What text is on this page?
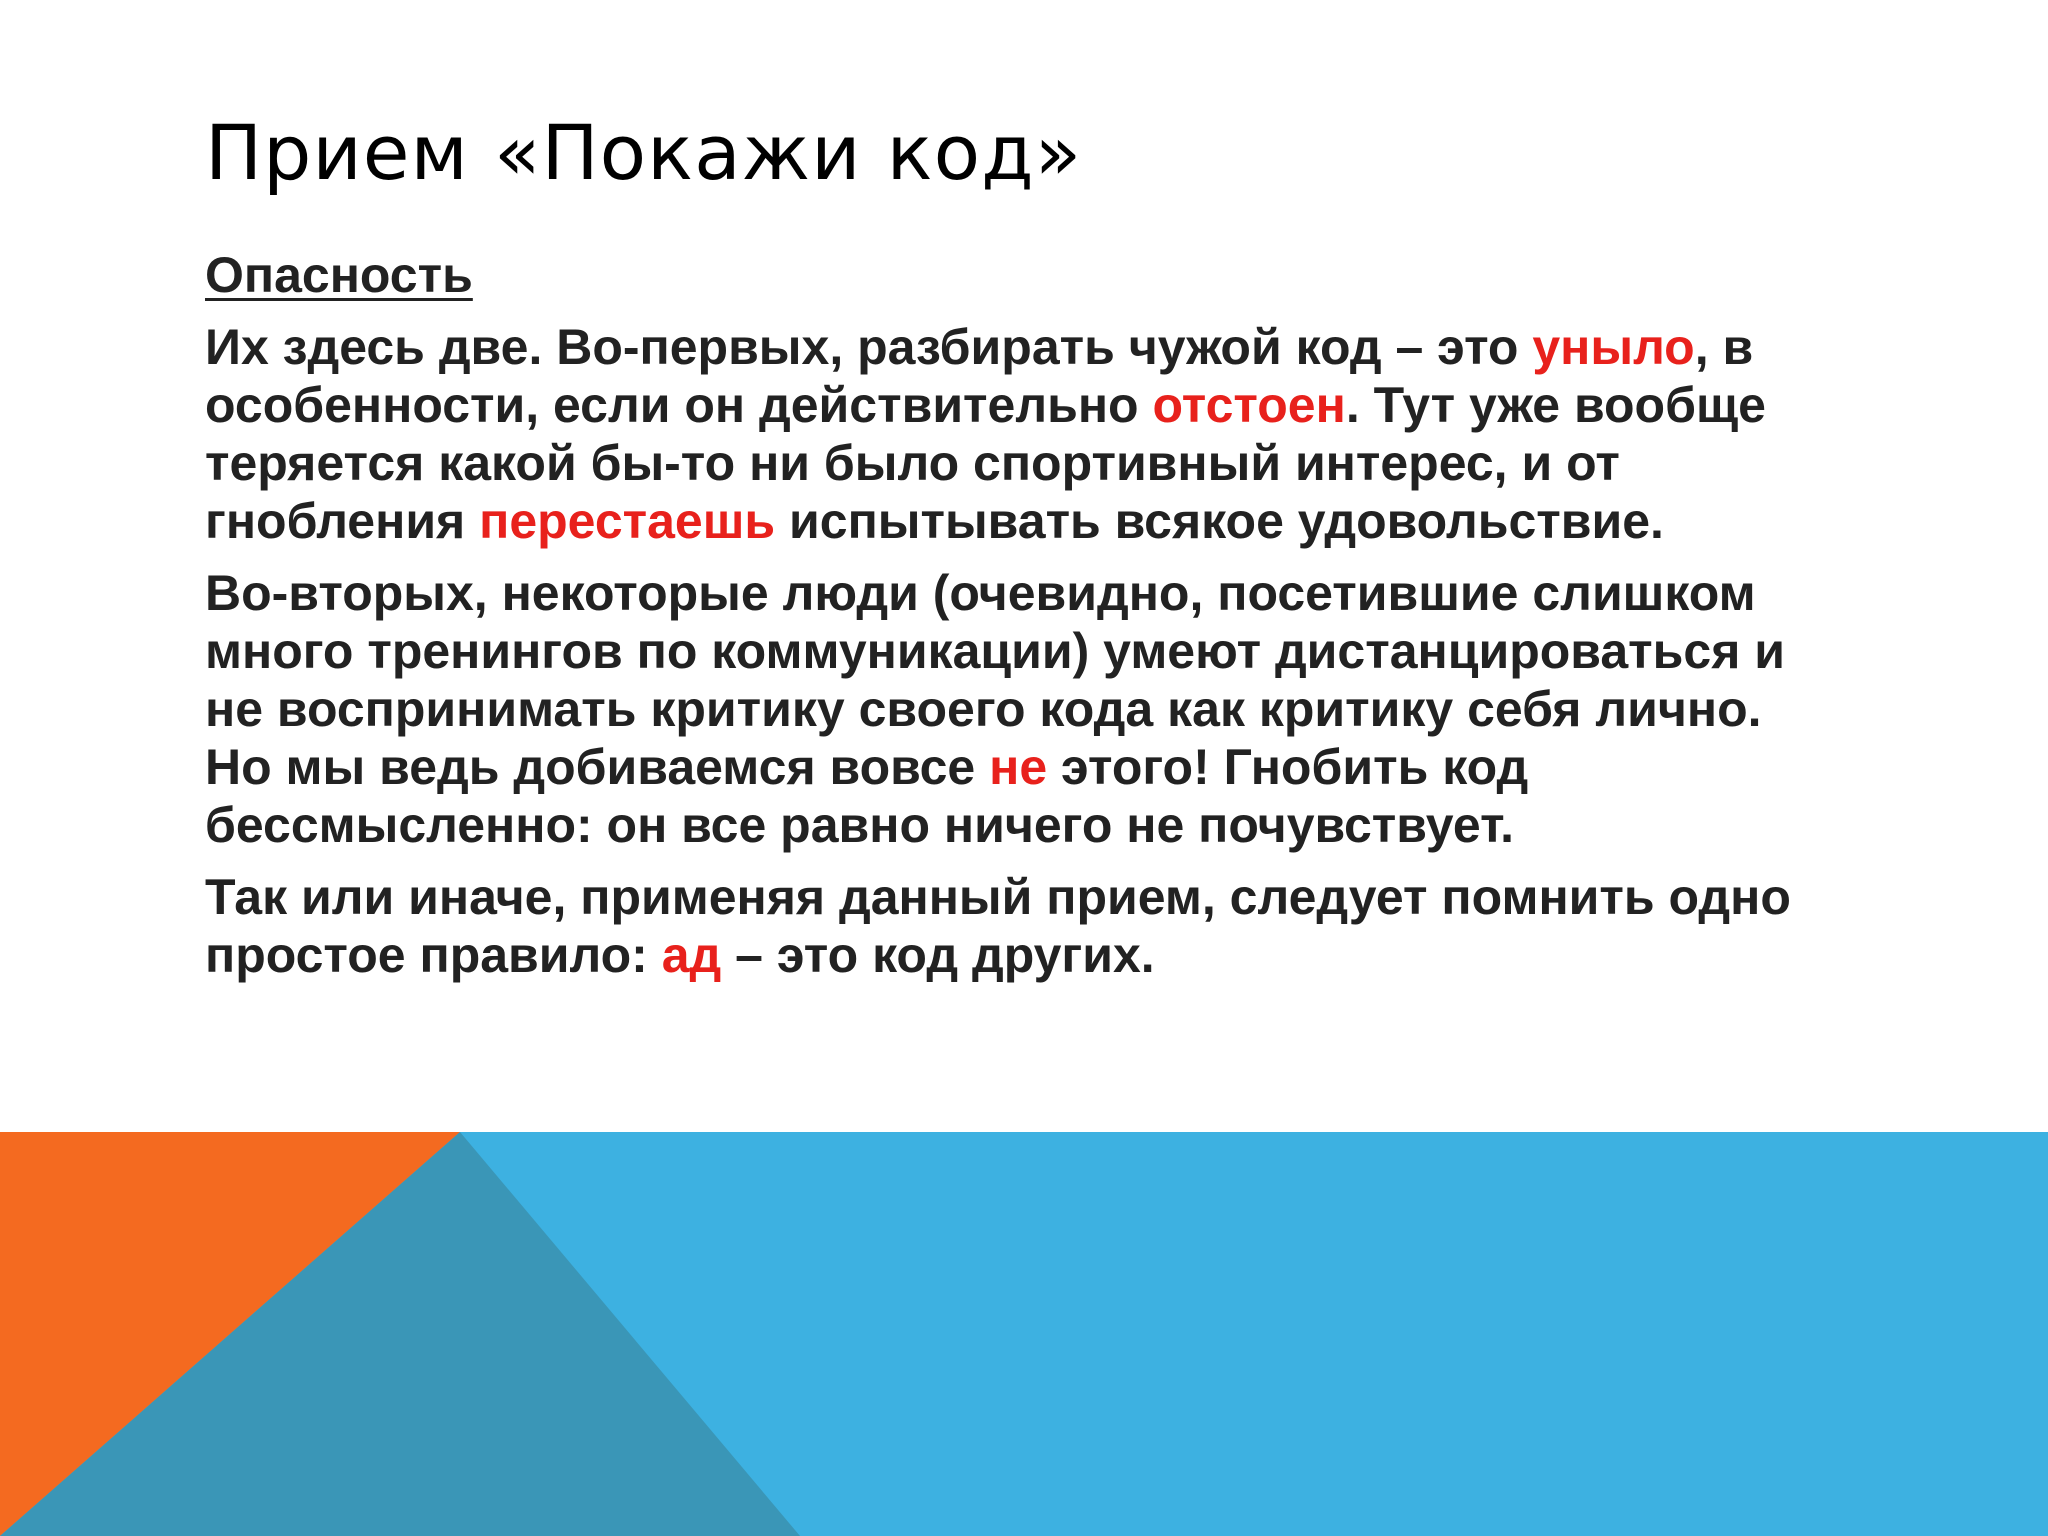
Прием «Покажи код»
Опасность

Их здесь две. Во-первых, разбирать чужой код – это уныло, в особенности, если он действительно отстоен. Тут уже вообще теряется какой бы-то ни было спортивный интерес, и от гнобления перестаешь испытывать всякое удовольствие.

Во-вторых, некоторые люди (очевидно, посетившие слишком много тренингов по коммуникации) умеют дистанцироваться и не воспринимать критику своего кода как критику себя лично. Но мы ведь добиваемся вовсе не этого! Гнобить код бессмысленно: он все равно ничего не почувствует.

Так или иначе, применяя данный прием, следует помнить одно простое правило: ад – это код других.
